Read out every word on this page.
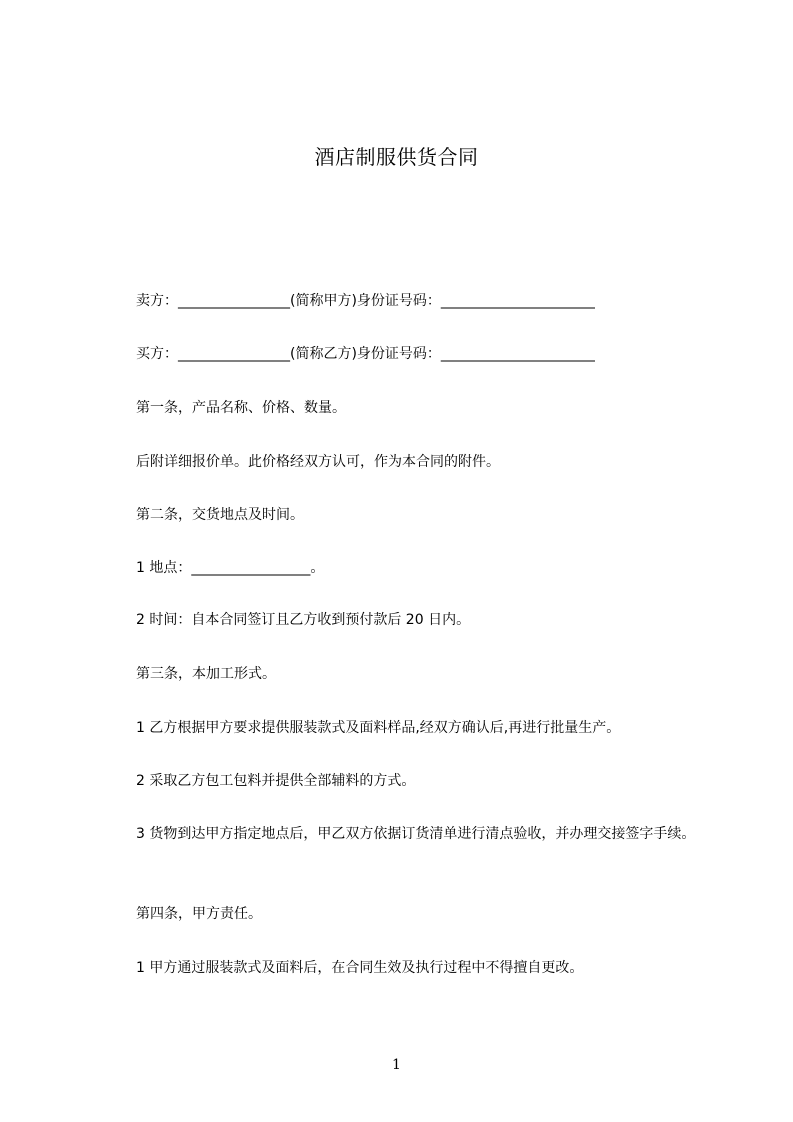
酒店制服供货合同
卖方：________________(简称甲方)身份证号码：______________________
买方：________________(简称乙方)身份证号码：______________________
第一条，产品名称、价格、数量。
后附详细报价单。此价格经双方认可，作为本合同的附件。
第二条，交货地点及时间。
1 地点：_________________。
2 时间：自本合同签订且乙方收到预付款后 20 日内。
第三条，本加工形式。
1 乙方根据甲方要求提供服装款式及面料样品,经双方确认后,再进行批量生产。
2 采取乙方包工包料并提供全部辅料的方式。
3 货物到达甲方指定地点后，甲乙双方依据订货清单进行清点验收，并办理交接签字手续。
第四条，甲方责任。
1 甲方通过服装款式及面料后，在合同生效及执行过程中不得擅自更改。
1
